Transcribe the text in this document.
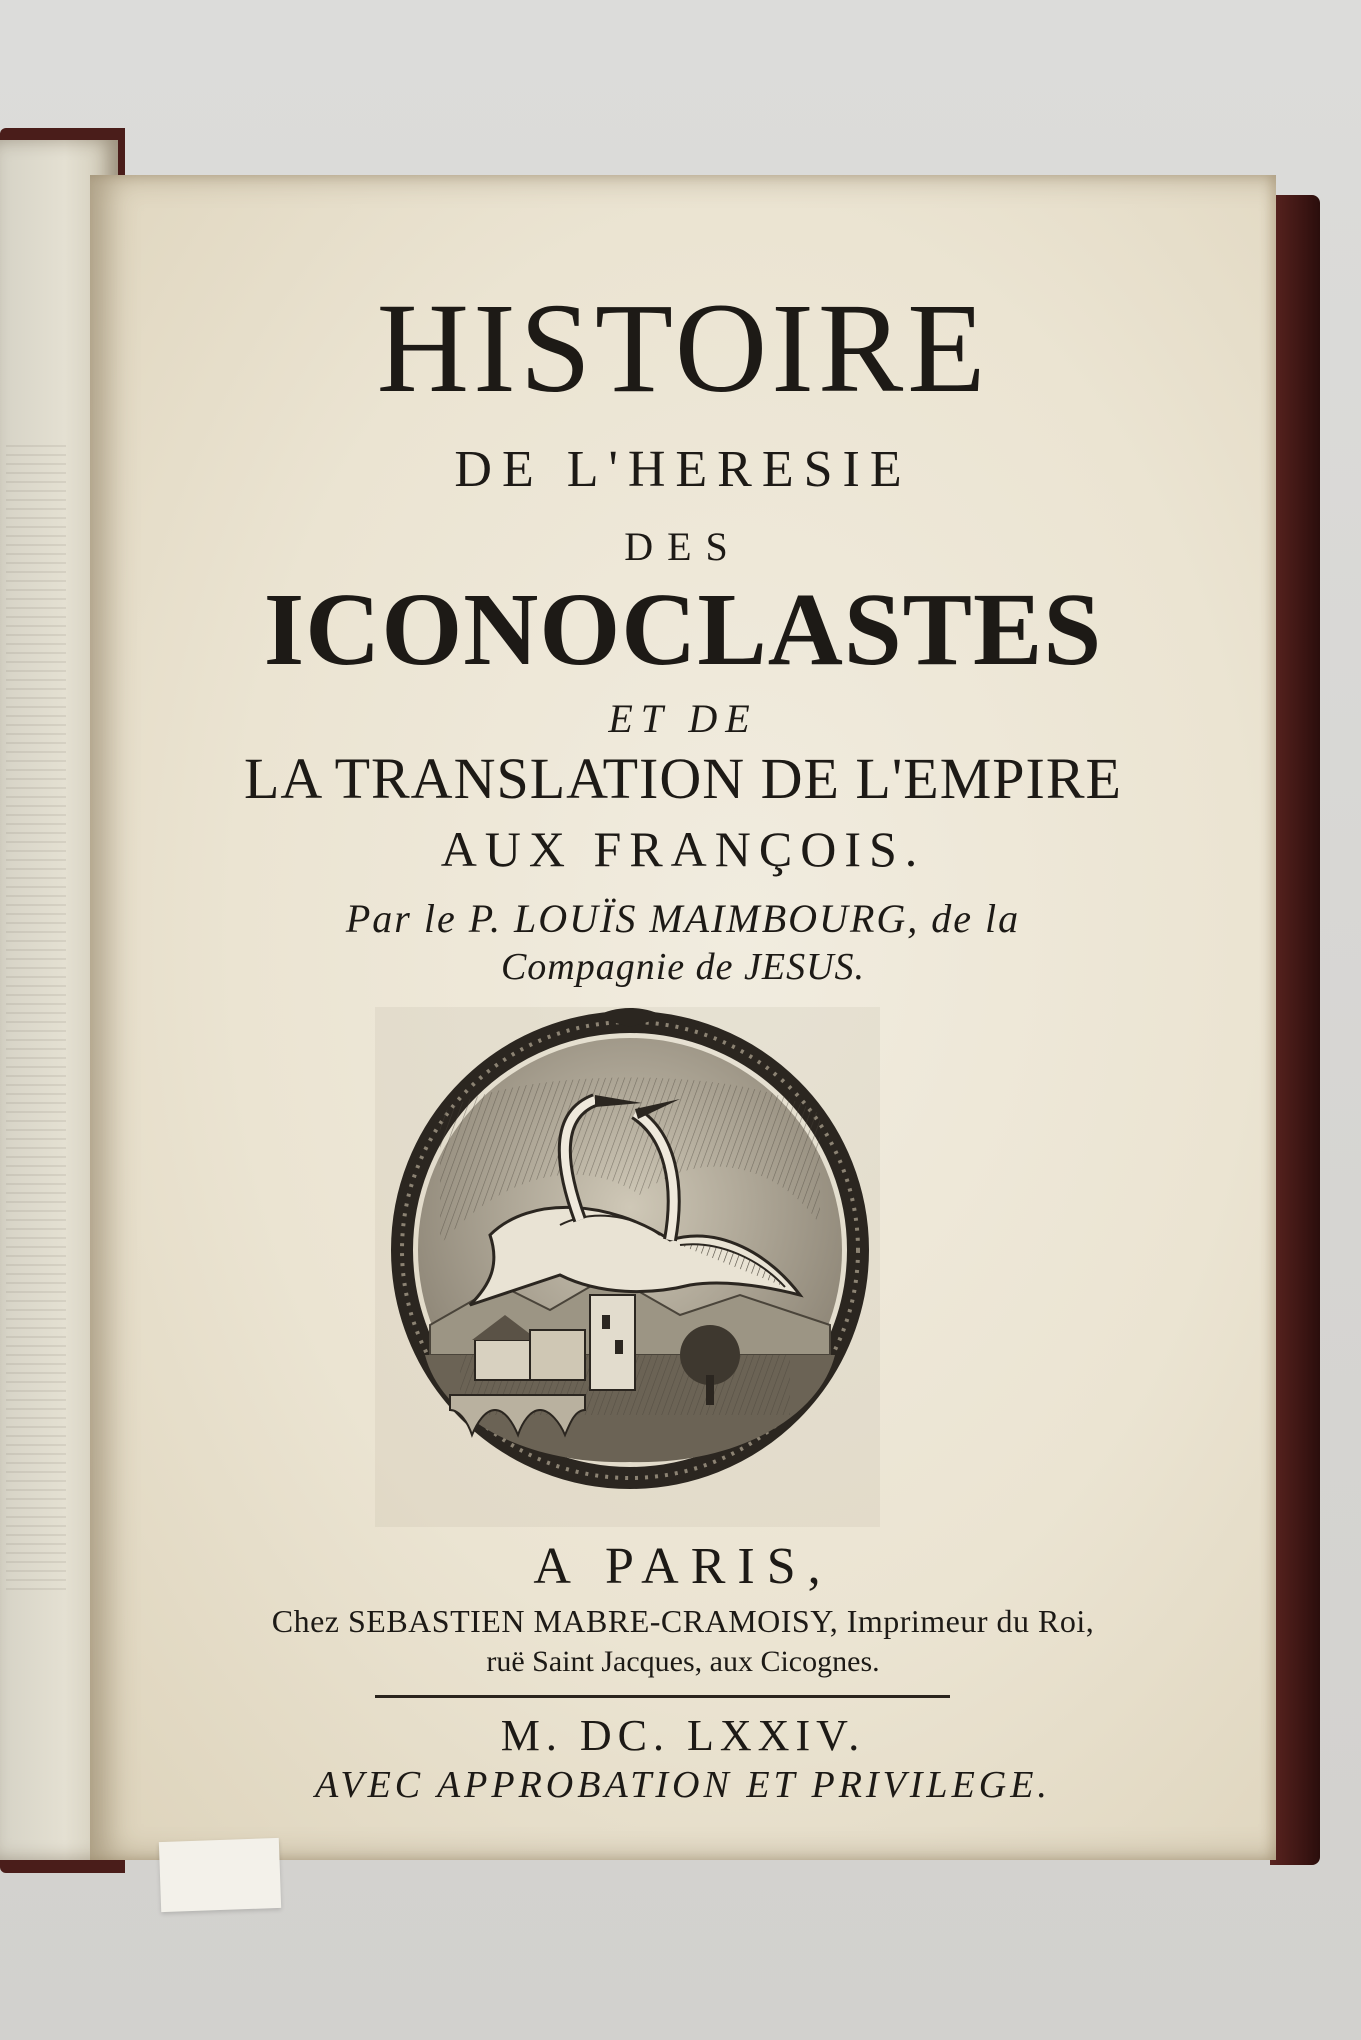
HISTOIRE

DE L'HERESIE

DES

ICONOCLASTES

ET DE

LA TRANSLATION DE L'EMPIRE

AUX FRANÇOIS.

Par le P. LOUÏS MAIMBOURG, de la

Compagnie de JESUS.

A PARIS,

Chez SEBASTIEN MABRE-CRAMOISY, Imprimeur du Roi,

ruë Saint Jacques, aux Cicognes.

M. DC. LXXIV.

AVEC APPROBATION ET PRIVILEGE.
